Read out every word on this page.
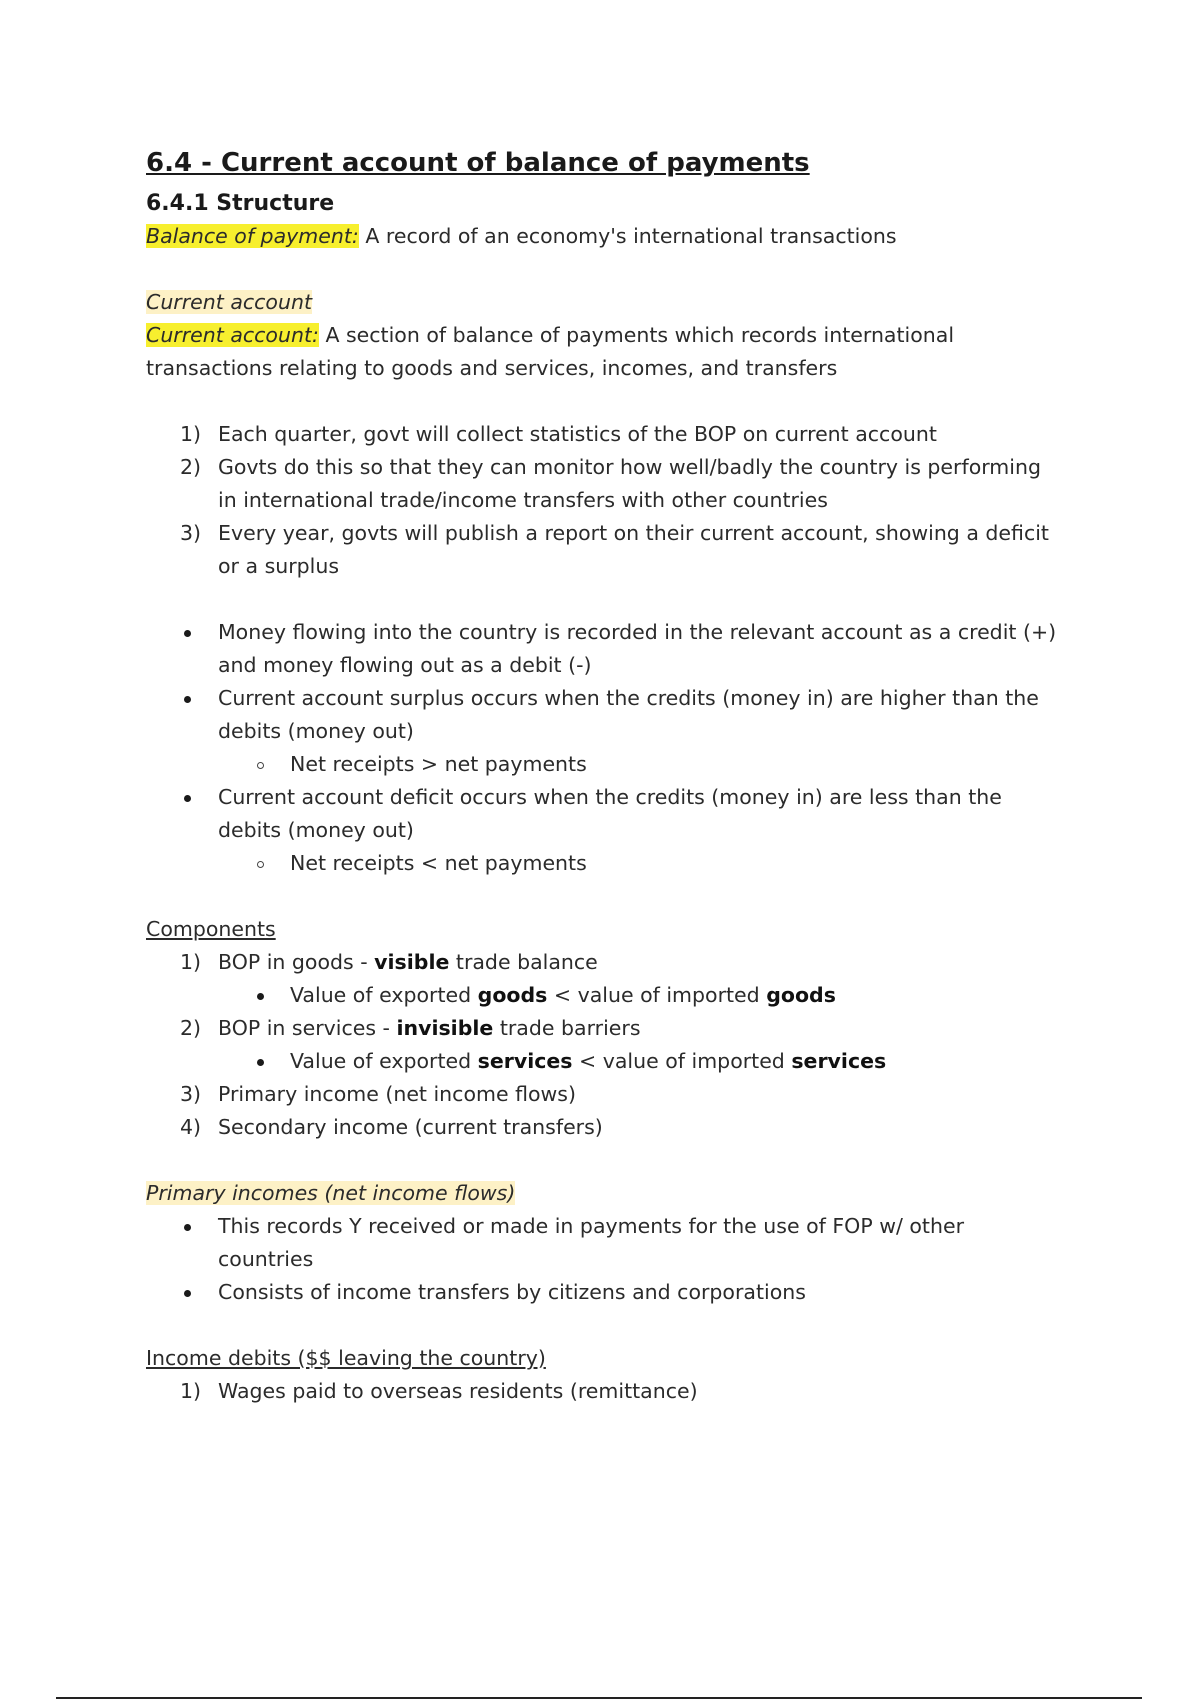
6.4 - Current account of balance of payments
6.4.1 Structure

Balance of payment: A record of an economy's international transactions

Current account

Current account: A section of balance of payments which records international

transactions relating to goods and services, incomes, and transfers

1) Each quarter, govt will collect statistics of the BOP on current account
2) Govts do this so that they can monitor how well/badly the country is performing
in international trade/income transfers with other countries
3) Every year, govts will publish a report on their current account, showing a deficit
or a surplus
Money flowing into the country is recorded in the relevant account as a credit (+)
and money flowing out as a debit (-)
Current account surplus occurs when the credits (money in) are higher than the
debits (money out)
Net receipts > net payments
Current account deficit occurs when the credits (money in) are less than the
debits (money out)
Net receipts < net payments

Components

1) BOP in goods - visible trade balance
Value of exported goods < value of imported goods
2) BOP in services - invisible trade barriers
Value of exported services < value of imported services
3) Primary income (net income flows)
4) Secondary income (current transfers)

Primary incomes (net income flows)

This records Y received or made in payments for the use of FOP w/ other
countries
Consists of income transfers by citizens and corporations

Income debits ($$ leaving the country)

1) Wages paid to overseas residents (remittance)
